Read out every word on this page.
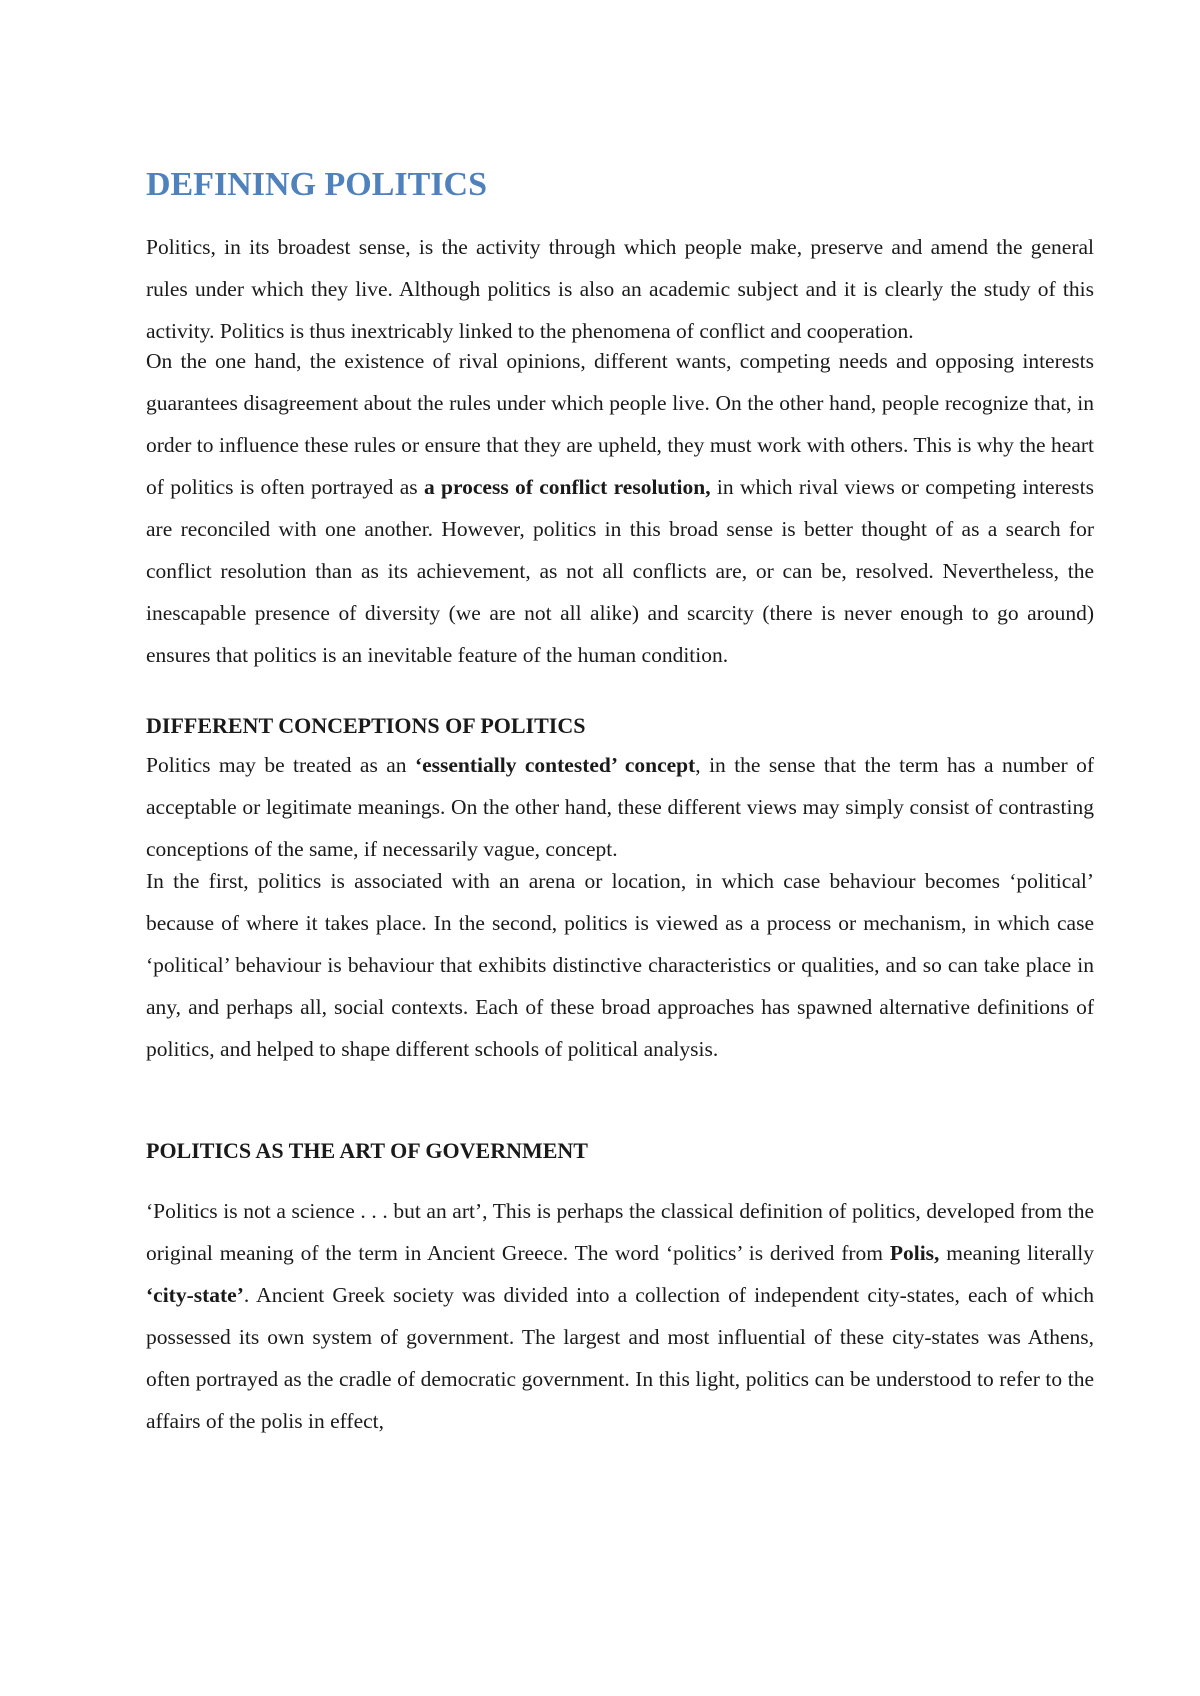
DEFINING POLITICS

Politics, in its broadest sense, is the activity through which people make, preserve and amend the general rules under which they live. Although politics is also an academic subject and it is clearly the study of this activity. Politics is thus inextricably linked to the phenomena of conflict and cooperation.

On the one hand, the existence of rival opinions, different wants, competing needs and opposing interests guarantees disagreement about the rules under which people live. On the other hand, people recognize that, in order to influence these rules or ensure that they are upheld, they must work with others. This is why the heart of politics is often portrayed as a process of conflict resolution, in which rival views or competing interests are reconciled with one another. However, politics in this broad sense is better thought of as a search for conflict resolution than as its achievement, as not all conflicts are, or can be, resolved. Nevertheless, the inescapable presence of diversity (we are not all alike) and scarcity (there is never enough to go around) ensures that politics is an inevitable feature of the human condition.

DIFFERENT CONCEPTIONS OF POLITICS

Politics may be treated as an ‘essentially contested’ concept, in the sense that the term has a number of acceptable or legitimate meanings. On the other hand, these different views may simply consist of contrasting conceptions of the same, if necessarily vague, concept.

In the first, politics is associated with an arena or location, in which case behaviour becomes ‘political’ because of where it takes place. In the second, politics is viewed as a process or mechanism, in which case ‘political’ behaviour is behaviour that exhibits distinctive characteristics or qualities, and so can take place in any, and perhaps all, social contexts. Each of these broad approaches has spawned alternative definitions of politics, and helped to shape different schools of political analysis.

POLITICS AS THE ART OF GOVERNMENT

‘Politics is not a science . . . but an art’, This is perhaps the classical definition of politics, developed from the original meaning of the term in Ancient Greece. The word ‘politics’ is derived from Polis, meaning literally ‘city-state’. Ancient Greek society was divided into a collection of independent city-states, each of which possessed its own system of government. The largest and most influential of these city-states was Athens, often portrayed as the cradle of democratic government. In this light, politics can be understood to refer to the affairs of the polis in effect,
